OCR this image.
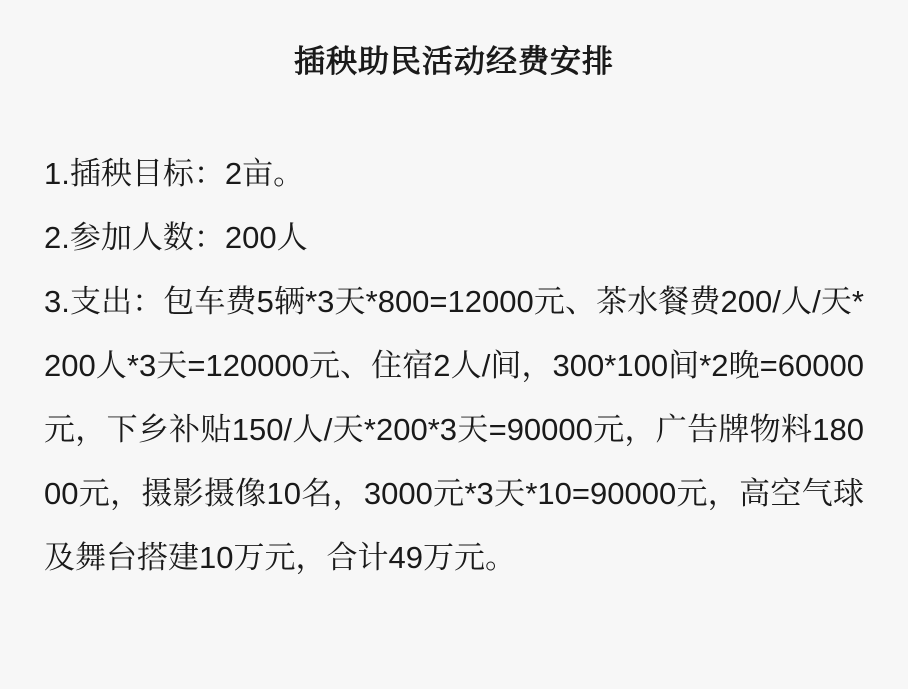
插秧助民活动经费安排

1.插秧目标：2亩。

2.参加人数：200人

3.支出：包车费5辆*3天*800=12000元、茶水餐费200/人/天*200人*3天=120000元、住宿2人/间，300*100间*2晚=60000元，下乡补贴150/人/天*200*3天=90000元，广告牌物料18000元，摄影摄像10名，3000元*3天*10=90000元，高空气球及舞台搭建10万元，合计49万元。
